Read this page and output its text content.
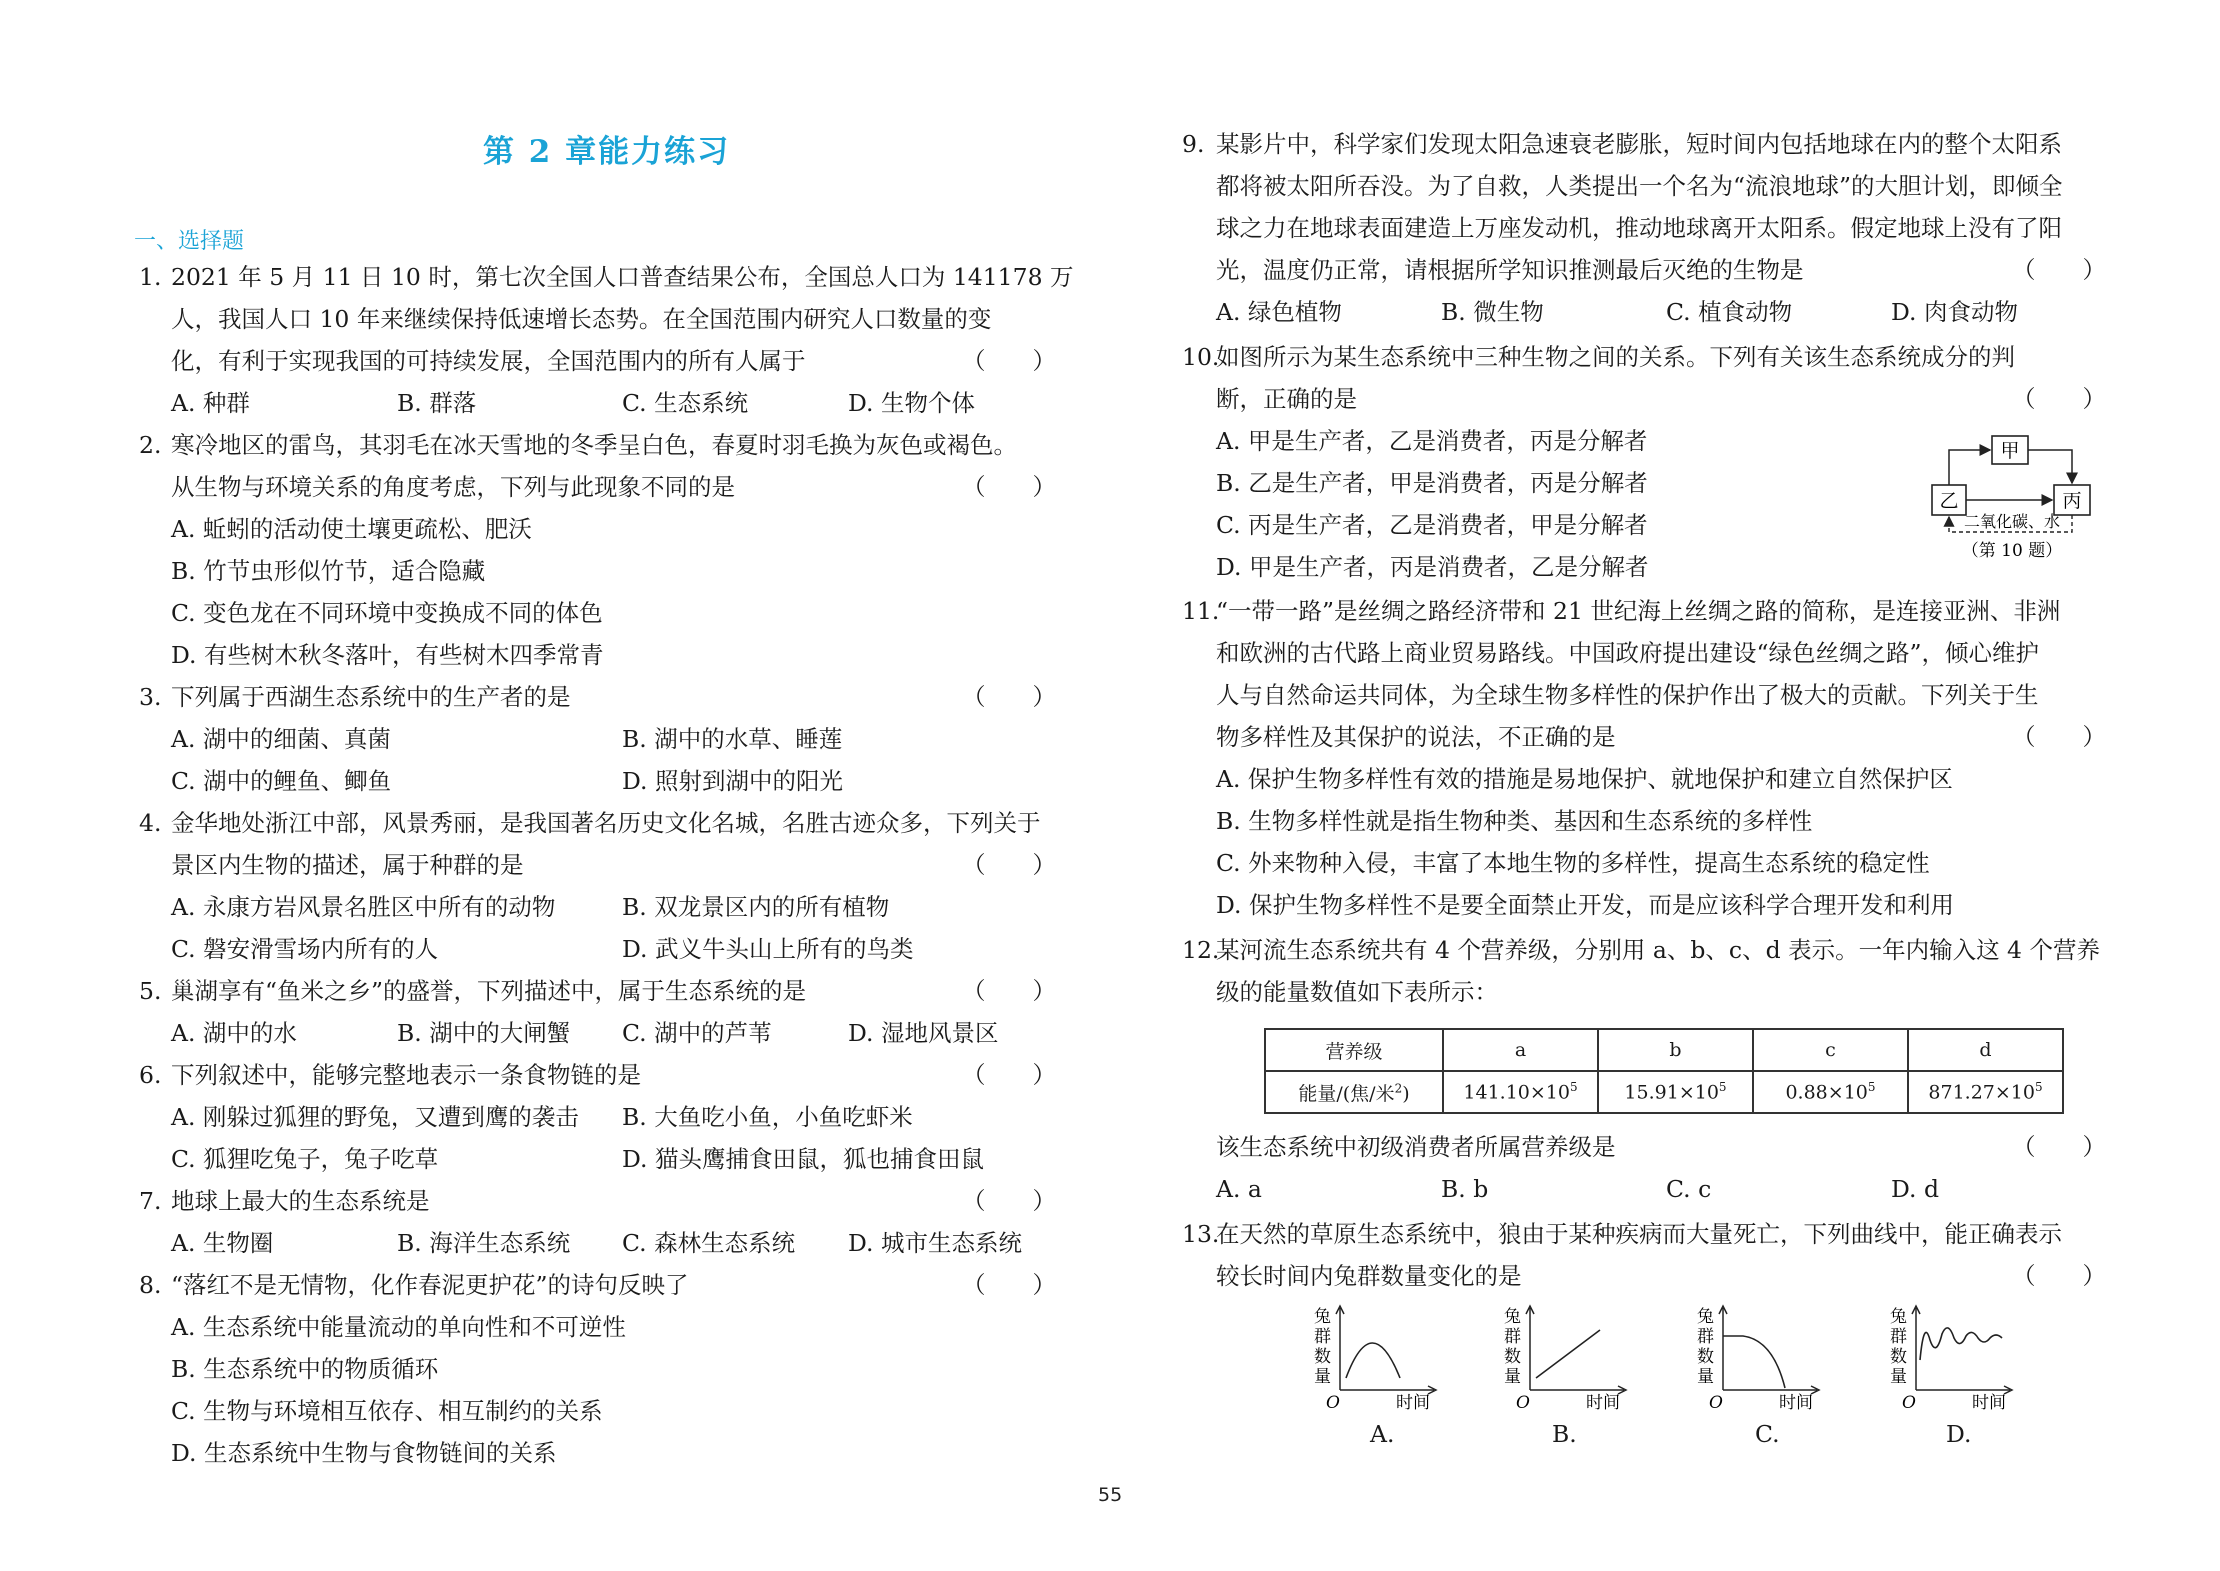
第 2 章能力练习
一、选择题
1. 2021 年 5 月 11 日 10 时，第七次全国人口普查结果公布，全国总人口为 141178 万
人，我国人口 10 年来继续保持低速增长态势。在全国范围内研究人口数量的变
化，有利于实现我国的可持续发展，全国范围内的所有人属于	（　　）
A. 种群	B. 群落	C. 生态系统	D. 生物个体
2. 寒冷地区的雷鸟，其羽毛在冰天雪地的冬季呈白色，春夏时羽毛换为灰色或褐色。
从生物与环境关系的角度考虑，下列与此现象不同的是	（　　）
A. 蚯蚓的活动使土壤更疏松、肥沃
B. 竹节虫形似竹节，适合隐藏
C. 变色龙在不同环境中变换成不同的体色
D. 有些树木秋冬落叶，有些树木四季常青
3. 下列属于西湖生态系统中的生产者的是	（　　）
A. 湖中的细菌、真菌	B. 湖中的水草、睡莲
C. 湖中的鲤鱼、鲫鱼	D. 照射到湖中的阳光
4. 金华地处浙江中部，风景秀丽，是我国著名历史文化名城，名胜古迹众多，下列关于
景区内生物的描述，属于种群的是	（　　）
A. 永康方岩风景名胜区中所有的动物	B. 双龙景区内的所有植物
C. 磐安滑雪场内所有的人	D. 武义牛头山上所有的鸟类
5. 巢湖享有“鱼米之乡”的盛誉，下列描述中，属于生态系统的是	（　　）
A. 湖中的水	B. 湖中的大闸蟹 C. 湖中的芦苇	D. 湿地风景区
6. 下列叙述中，能够完整地表示一条食物链的是	（　　）
A. 刚躲过狐狸的野兔，又遭到鹰的袭击 B. 大鱼吃小鱼，小鱼吃虾米
C. 狐狸吃兔子，兔子吃草	D. 猫头鹰捕食田鼠，狐也捕食田鼠
7. 地球上最大的生态系统是	（　　）
A. 生物圈	B. 海洋生态系统 C. 森林生态系统 D. 城市生态系统
8. “落红不是无情物，化作春泥更护花”的诗句反映了	（　　）
A. 生态系统中能量流动的单向性和不可逆性
B. 生态系统中的物质循环
C. 生物与环境相互依存、相互制约的关系
D. 生态系统中生物与食物链间的关系
9. 某影片中，科学家们发现太阳急速衰老膨胀，短时间内包括地球在内的整个太阳系
都将被太阳所吞没。为了自救，人类提出一个名为“流浪地球”的大胆计划，即倾全
球之力在地球表面建造上万座发动机，推动地球离开太阳系。假定地球上没有了阳
光，温度仍正常，请根据所学知识推测最后灭绝的生物是	（　　）
A. 绿色植物	B. 微生物	C. 植食动物	D. 肉食动物
10.
如图所示为某生态系统中三种生物之间的关系。下列有关该生态系统成分的判
断，正确的是	（　　）
A. 甲是生产者，乙是消费者，丙是分解者
B. 乙是生产者，甲是消费者，丙是分解者
C. 丙是生产者，乙是消费者，甲是分解者
D. 甲是生产者，丙是消费者，乙是分解者
甲
乙	丙
二氧化碳、水
（第 10 题）
11.
“一带一路”是丝绸之路经济带和 21 世纪海上丝绸之路的简称，是连接亚洲、非洲
和欧洲的古代路上商业贸易路线。中国政府提出建设“绿色丝绸之路”，倾心维护
人与自然命运共同体，为全球生物多样性的保护作出了极大的贡献。下列关于生
物多样性及其保护的说法，不正确的是	（　　）
A. 保护生物多样性有效的措施是易地保护、就地保护和建立自然保护区
B. 生物多样性就是指生物种类、基因和生态系统的多样性
C. 外来物种入侵，丰富了本地生物的多样性，提高生态系统的稳定性
D. 保护生物多样性不是要全面禁止开发，而是应该科学合理开发和利用
12.
某河流生态系统共有 4 个营养级，分别用 a、b、c、d 表示。一年内输入这 4 个营养
级的能量数值如下表所示：
营养级	a	b	c	d
能量/(焦/米$^2$)	$141.10\times 10^5$	$15.91\times 10^5$	$0.88\times 10^5$	$871.27\times 10^5$
该生态系统中初级消费者所属营养级是	（　　）
A. a	B. b	C. c	D. d
13.
在天然的草原生态系统中，狼由于某种疾病而大量死亡，下列曲线中，能正确表示
较长时间内兔群数量变化的是	（　　）
兔
群
数
量
O	时间
A.
兔
群
数
量
O	时间
B.
兔
群
数
量
O	时间
C.
兔
群
数
量
O	时间
D.
55
